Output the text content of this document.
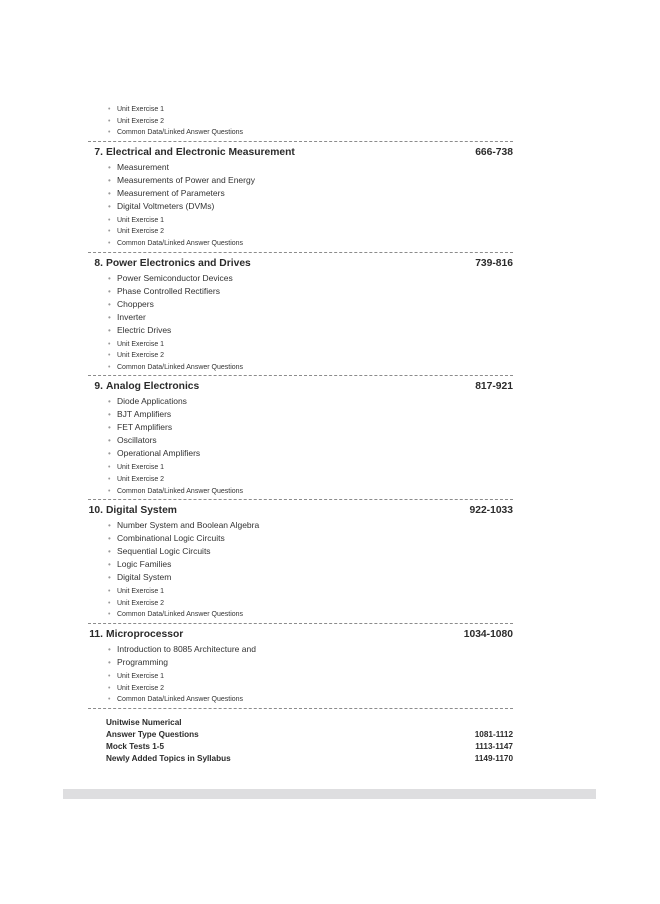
• Unit Exercise 1
• Unit Exercise 2
• Common Data/Linked Answer Questions
7. Electrical and Electronic Measurement	666-738
• Measurement
• Measurements of Power and Energy
• Measurement of Parameters
• Digital Voltmeters (DVMs)
• Unit Exercise 1
• Unit Exercise 2
• Common Data/Linked Answer Questions
8. Power Electronics and Drives	739-816
• Power Semiconductor Devices
• Phase Controlled Rectifiers
• Choppers
• Inverter
• Electric Drives
• Unit Exercise 1
• Unit Exercise 2
• Common Data/Linked Answer Questions
9. Analog Electronics	817-921
• Diode Applications
• BJT Amplifiers
• FET Amplifiers
• Oscillators
• Operational Amplifiers
• Unit Exercise 1
• Unit Exercise 2
• Common Data/Linked Answer Questions
10. Digital System	922-1033
• Number System and Boolean Algebra
• Combinational Logic Circuits
• Sequential Logic Circuits
• Logic Families
• Digital System
• Unit Exercise 1
• Unit Exercise 2
• Common Data/Linked Answer Questions
11. Microprocessor	1034-1080
• Introduction to 8085 Architecture and
• Programming
• Unit Exercise 1
• Unit Exercise 2
• Common Data/Linked Answer Questions
Unitwise Numerical
Answer Type Questions	1081-1112
Mock Tests 1-5	1113-1147
Newly Added Topics in Syllabus	1149-1170
